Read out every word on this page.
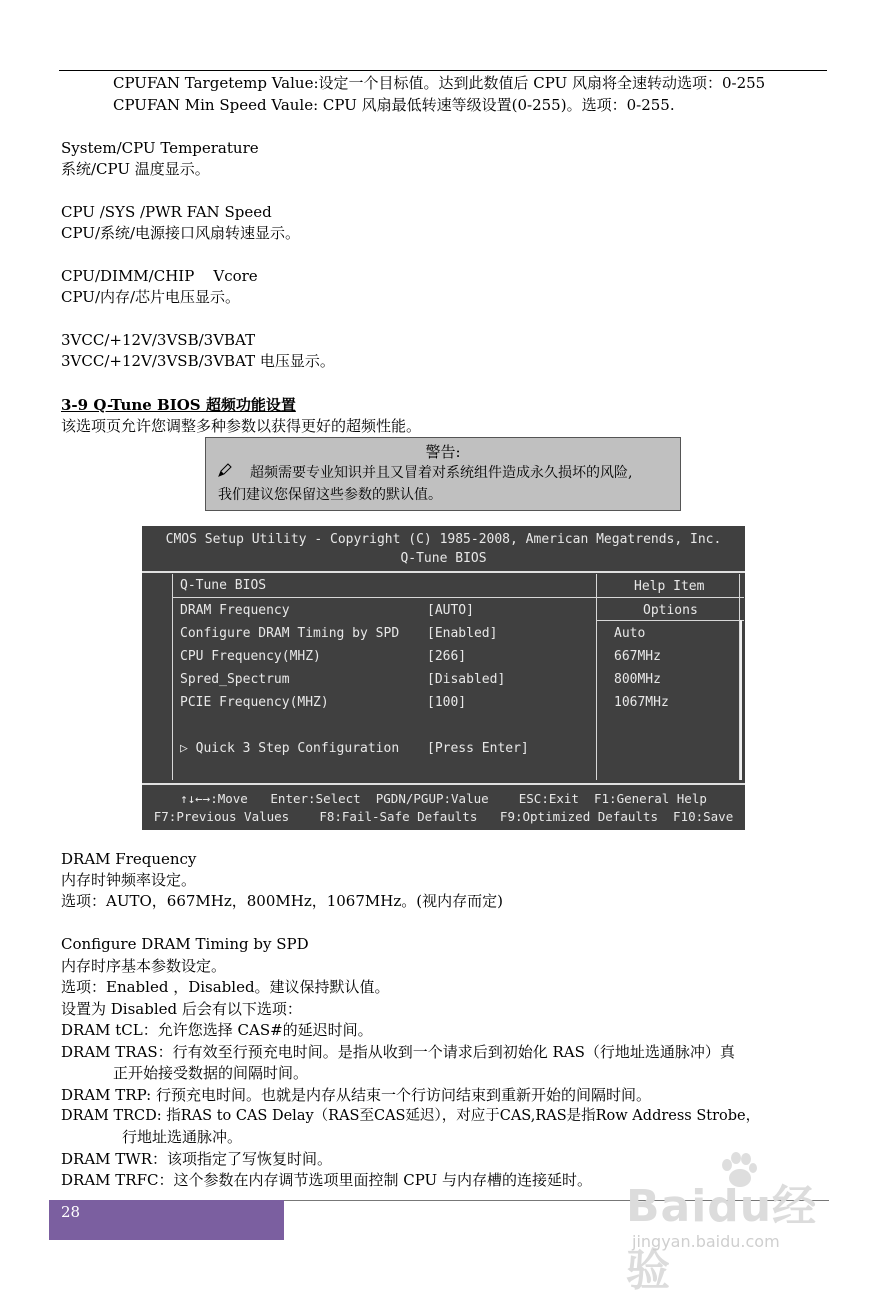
CPUFAN Targetemp Value:设定一个目标值。达到此数值后 CPU 风扇将全速转动选项：0-255
CPUFAN Min Speed Vaule: CPU 风扇最低转速等级设置(0-255)。选项：0-255.
System/CPU Temperature
系统/CPU 温度显示。
CPU /SYS /PWR FAN Speed
CPU/系统/电源接口风扇转速显示。
CPU/DIMM/CHIP    Vcore
CPU/内存/芯片电压显示。
3VCC/+12V/3VSB/3VBAT
3VCC/+12V/3VSB/3VBAT 电压显示。
3-9 Q-Tune BIOS 超频功能设置
该选项页允许您调整多种参数以获得更好的超频性能。
警告:
超频需要专业知识并且又冒着对系统组件造成永久损坏的风险,
我们建议您保留这些参数的默认值。
CMOS Setup Utility - Copyright (C) 1985-2008, American Megatrends, Inc.
Q-Tune BIOS
Q-Tune BIOS	Help Item
Options
DRAM Frequency	[AUTO]
Configure DRAM Timing by SPD [Enabled]
CPU Frequency(MHZ)	[266]
Spred_Spectrum	[Disabled]
PCIE Frequency(MHZ)	[100]
▷ Quick 3 Step Configuration [Press Enter]
Auto
667MHz
800MHz
1067MHz
↑↓←→:Move   Enter:Select  PGDN/PGUP:Value    ESC:Exit  F1:General Help
F7:Previous Values    F8:Fail-Safe Defaults   F9:Optimized Defaults  F10:Save
DRAM Frequency
内存时钟频率设定。
选项：AUTO，667MHz，800MHz，1067MHz。(视内存而定)
Configure DRAM Timing by SPD
内存时序基本参数设定。
选项：Enabled ，Disabled。建议保持默认值。
设置为 Disabled 后会有以下选项：
DRAM tCL：允许您选择 CAS#的延迟时间。
DRAM TRAS：行有效至行预充电时间。是指从收到一个请求后到初始化 RAS（行地址选通脉冲）真
正开始接受数据的间隔时间。
DRAM TRP: 行预充电时间。也就是内存从结束一个行访问结束到重新开始的间隔时间。
DRAM TRCD: 指RAS to CAS Delay（RAS至CAS延迟），对应于CAS,RAS是指Row Address Strobe，
行地址选通脉冲。
DRAM TWR：该项指定了写恢复时间。
DRAM TRFC：这个参数在内存调节选项里面控制 CPU 与内存槽的连接延时。
28	Baidu经验
jingyan.baidu.com
